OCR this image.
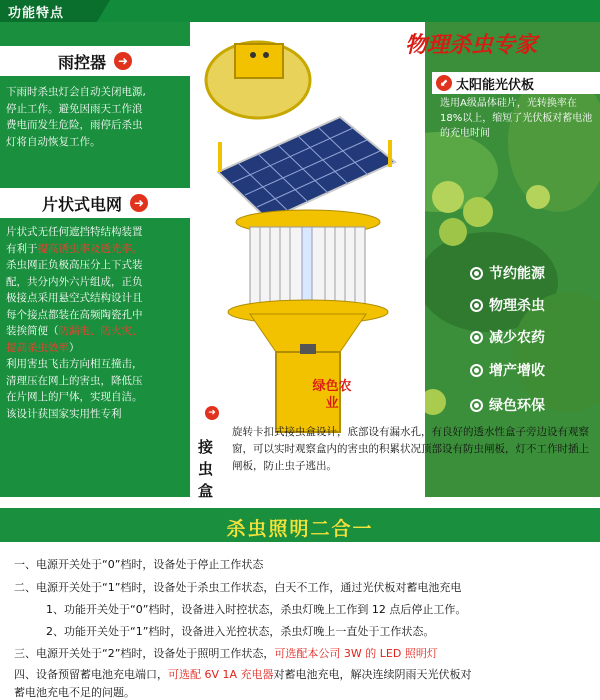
功能特点
雨控器 ➜
下雨时杀虫灯会自动关闭电源,
停止工作。避免因雨天工作浪
费电而发生危险，雨停后杀虫
灯将自动恢复工作。
片状式电网 ➜
片状式无任何遮挡特结构装置
有利于提高诱虫率及透光率。
杀虫网正负极高压分上下式装
配，共分内外六片组成，正负
极接点采用悬空式结构设计且
每个接点都装在高频陶瓷孔中
装挨简便（防漏电、防火灾、
提高杀虫效率）
利用害虫飞击方向相互撞击，
清理压在网上的害虫，降低压
在片网上的尸体，实现自洁。
该设计获国家实用性专利
绿色农业
➜
物理杀虫专家
⬋ 太阳能光伏板
选用A级晶体硅片，光转换率在18%以上，缩短了光伏板对蓄电池的充电时间
节约能源
物理杀虫
减少农药
增产增收
绿色环保
接虫盒
旋转卡扣式接虫盒设计，底部设有漏水孔，有良好的透水性盒子旁边设有观察窗，可以实时观察盒内的害虫的积累状况顶部设有防虫闸板，灯不工作时插上闸板，防止虫子逃出。
杀虫照明二合一
一、电源开关处于“0”档时，设备处于停止工作状态
二、电源开关处于“1”档时，设备处于杀虫工作状态，白天不工作，通过光伏板对蓄电池充电
1、功能开关处于“0”档时，设备进入时控状态，杀虫灯晚上工作到 12 点后停止工作。
2、功能开关处于“1”档时，设备进入光控状态，杀虫灯晚上一直处于工作状态。
三、电源开关处于“2”档时，设备处于照明工作状态，可选配本公司 3W 的 LED 照明灯
四、设备预留蓄电池充电端口，可选配 6V 1A 充电器对蓄电池充电，解决连续阴雨天光伏板对
蓄电池充电不足的问题。
